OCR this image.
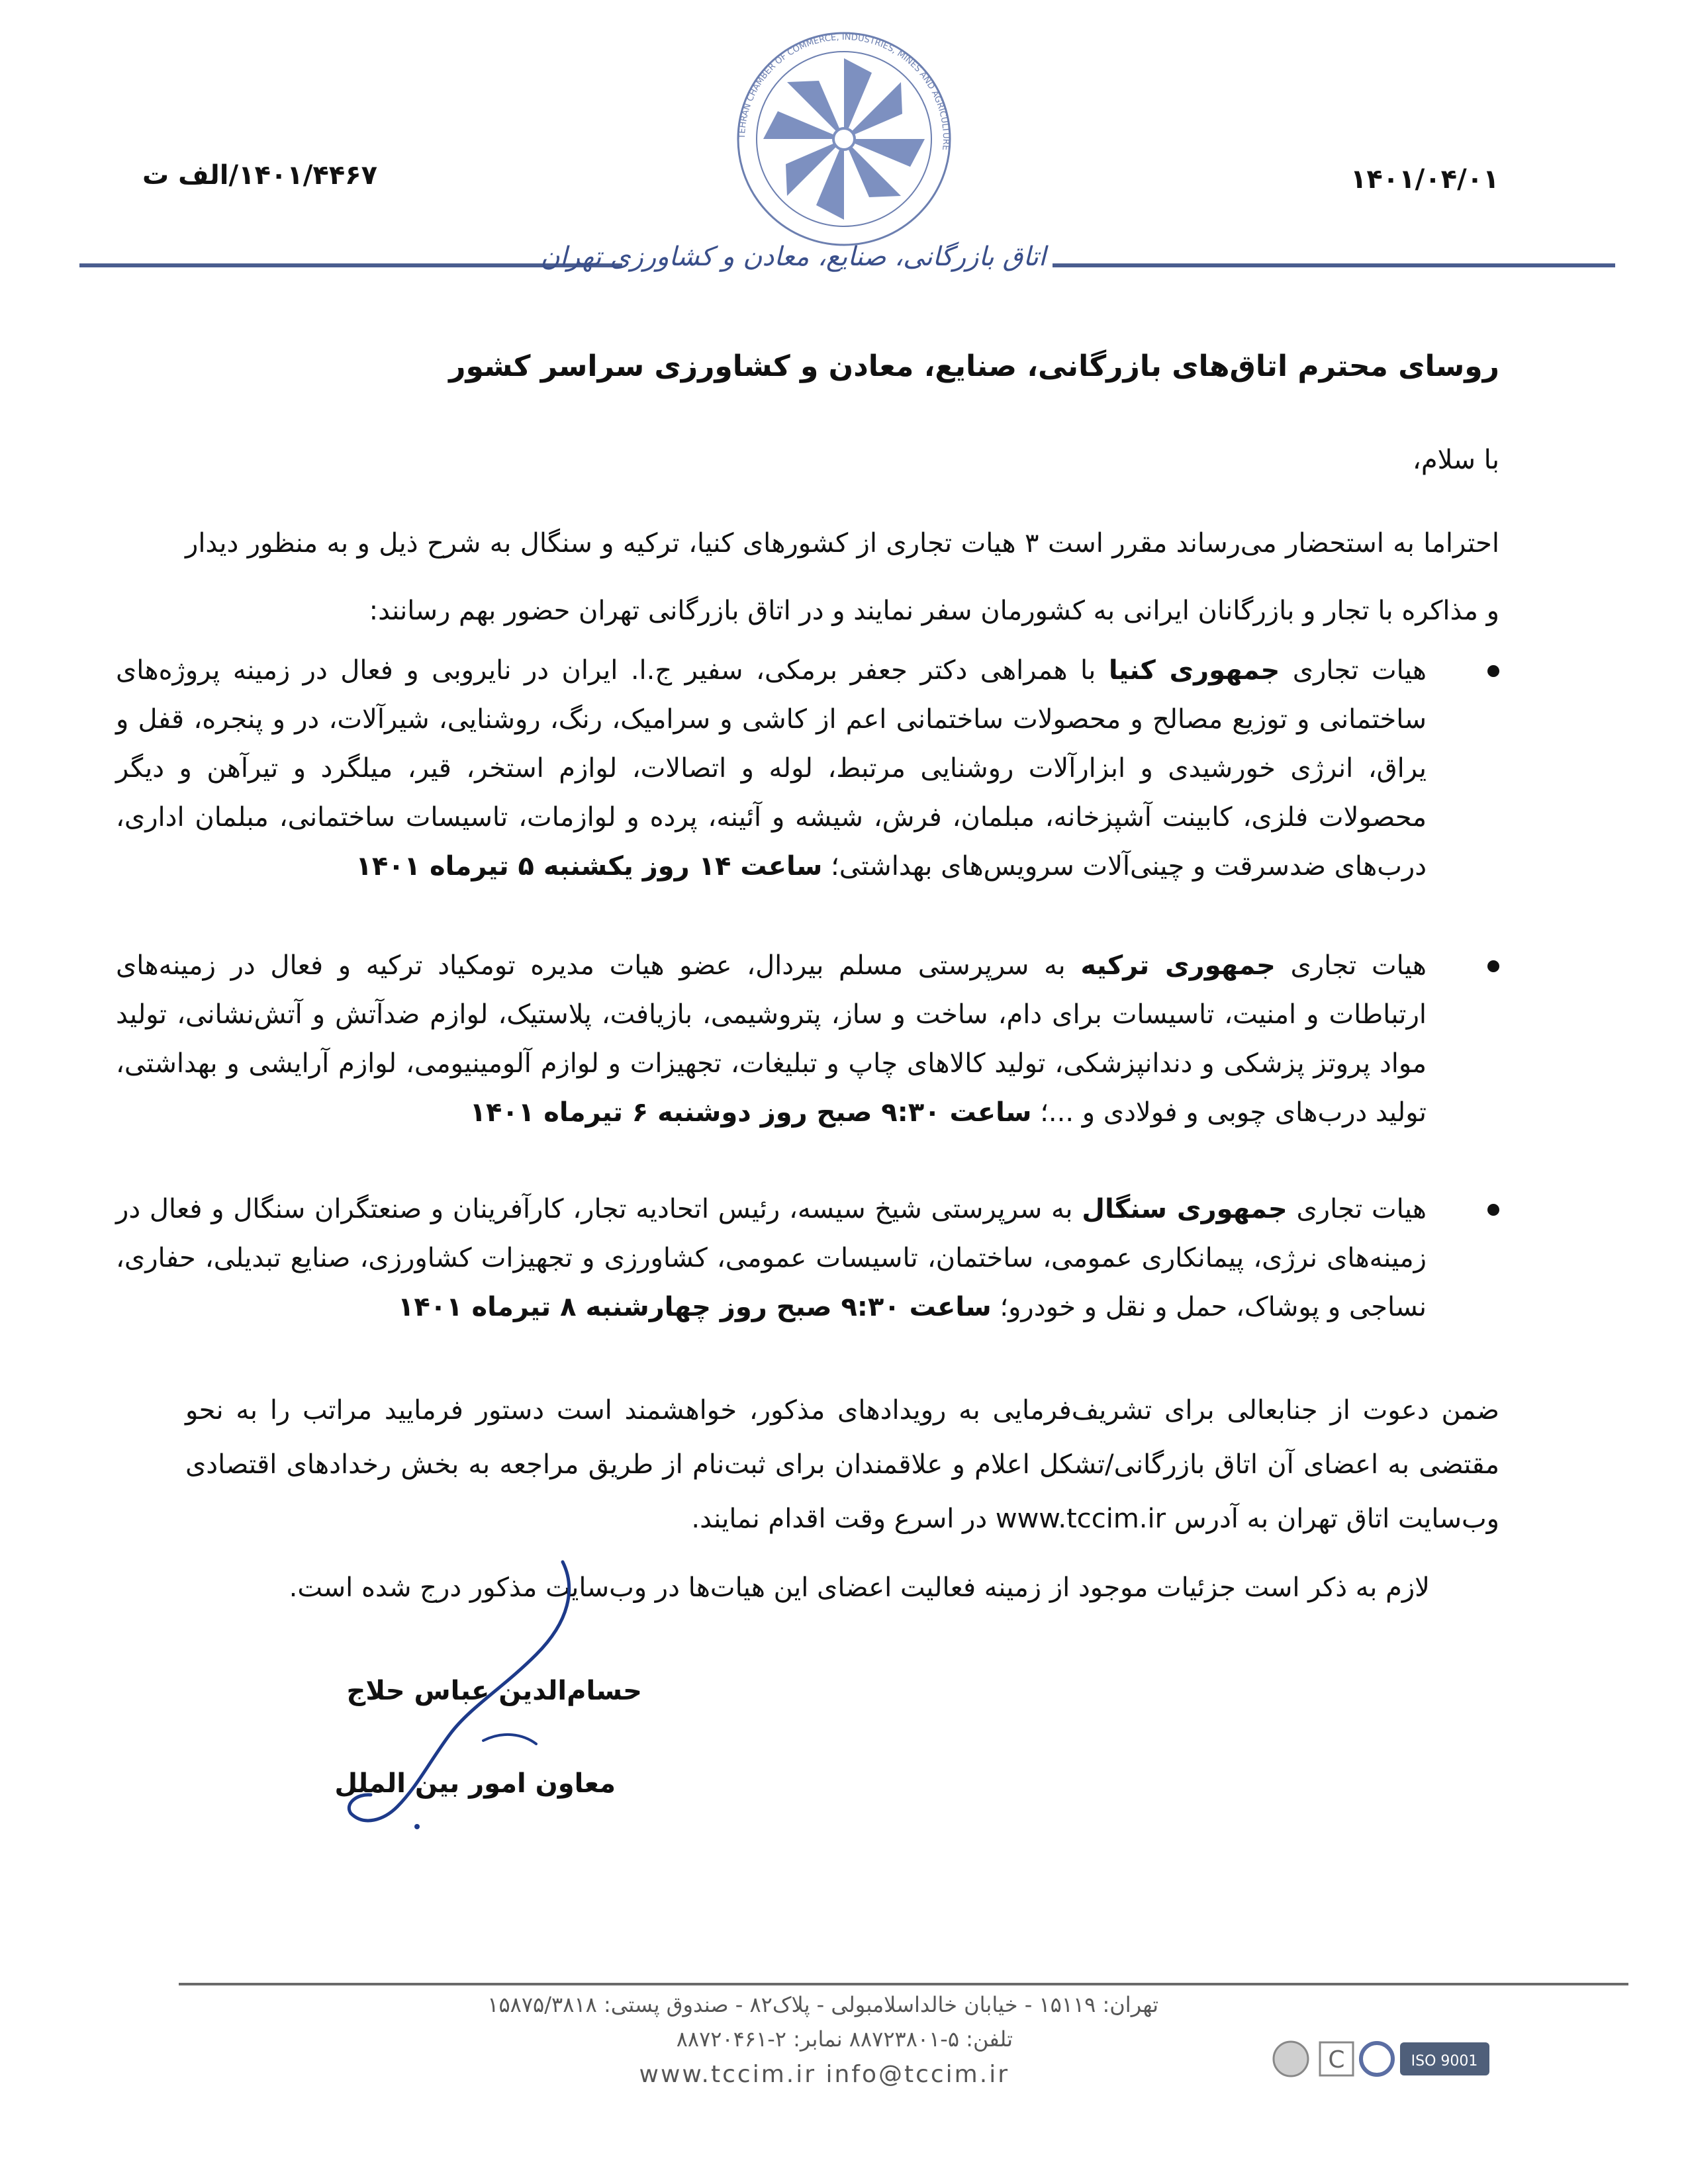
TEHRAN CHAMBER OF COMMERCE, INDUSTRIES, MINES AND AGRICULTURE
۱۴۰۱/۴۴۶۷/الف ت	۱۴۰۱/۰۴/۰۱
اتاق بازرگانی، صنایع، معادن و کشاورزی تهران
روسای محترم اتاق‌های بازرگانی، صنایع، معادن و کشاورزی سراسر کشور
با سلام،
احتراما به استحضار می‌رساند مقرر است ۳ هیات تجاری از کشورهای کنیا، ترکیه و سنگال به شرح ذیل و به منظور دیدار و مذاکره با تجار و بازرگانان ایرانی به کشورمان سفر نمایند و در اتاق بازرگانی تهران حضور بهم رسانند:
هیات تجاری جمهوری کنیا با همراهی دکتر جعفر برمکی، سفیر ج.ا. ایران در نایروبی و فعال در زمینه پروژه‌های ساختمانی و توزیع مصالح و محصولات ساختمانی اعم از کاشی و سرامیک، رنگ، روشنایی، شیرآلات، در و پنجره، قفل و یراق، انرژی خورشیدی و ابزارآلات روشنایی مرتبط، لوله و اتصالات، لوازم استخر، قیر، میلگرد و تیرآهن و دیگر محصولات فلزی، کابینت آشپزخانه، مبلمان، فرش، شیشه و آئینه، پرده و لوازمات، تاسیسات ساختمانی، مبلمان اداری، درب‌های ضدسرقت و چینی‌آلات سرویس‌های بهداشتی؛ ساعت ۱۴ روز یکشنبه ۵ تیرماه ۱۴۰۱
هیات تجاری جمهوری ترکیه به سرپرستی مسلم بیردال، عضو هیات مدیره تومکیاد ترکیه و فعال در زمینه‌های ارتباطات و امنیت، تاسیسات برای دام، ساخت و ساز، پتروشیمی، بازیافت، پلاستیک، لوازم ضدآتش و آتش‌نشانی، تولید مواد پروتز پزشکی و دندانپزشکی، تولید کالاهای چاپ و تبلیغات، تجهیزات و لوازم آلومینیومی، لوازم آرایشی و بهداشتی، تولید درب‌های چوبی و فولادی و ...؛ ساعت ۹:۳۰ صبح روز دوشنبه ۶ تیرماه ۱۴۰۱
هیات تجاری جمهوری سنگال به سرپرستی شیخ سیسه، رئیس اتحادیه تجار، کارآفرینان و صنعتگران سنگال و فعال در زمینه‌های نرژی، پیمانکاری عمومی، ساختمان، تاسیسات عمومی، کشاورزی و تجهیزات کشاورزی، صنایع تبدیلی، حفاری، نساجی و پوشاک، حمل و نقل و خودرو؛ ساعت ۹:۳۰ صبح روز چهارشنبه ۸ تیرماه ۱۴۰۱
ضمن دعوت از جنابعالی برای تشریف‌فرمایی به رویدادهای مذکور، خواهشمند است دستور فرمایید مراتب را به نحو مقتضی به اعضای آن اتاق بازرگانی/تشکل اعلام و علاقمندان برای ثبت‌نام از طریق مراجعه به بخش رخدادهای اقتصادی وب‌سایت اتاق تهران به آدرس www.tccim.ir در اسرع وقت اقدام نمایند.
لازم به ذکر است جزئیات موجود از زمینه فعالیت اعضای این هیات‌ها در وب‌سایت مذکور درج شده است.
حسام‌الدین عباس حلاج
معاون امور بین الملل
تهران: ۱۵۱۱۹ - خیابان خالداسلامبولی - پلاک۸۲ - صندوق پستی: ۱۵۸۷۵/۳۸۱۸
تلفن: ۵-۸۸۷۲۳۸۰۱ نمابر: ۲-۸۸۷۲۰۴۶۱
www.tccim.ir info@tccim.ir
C	ISO 9001
